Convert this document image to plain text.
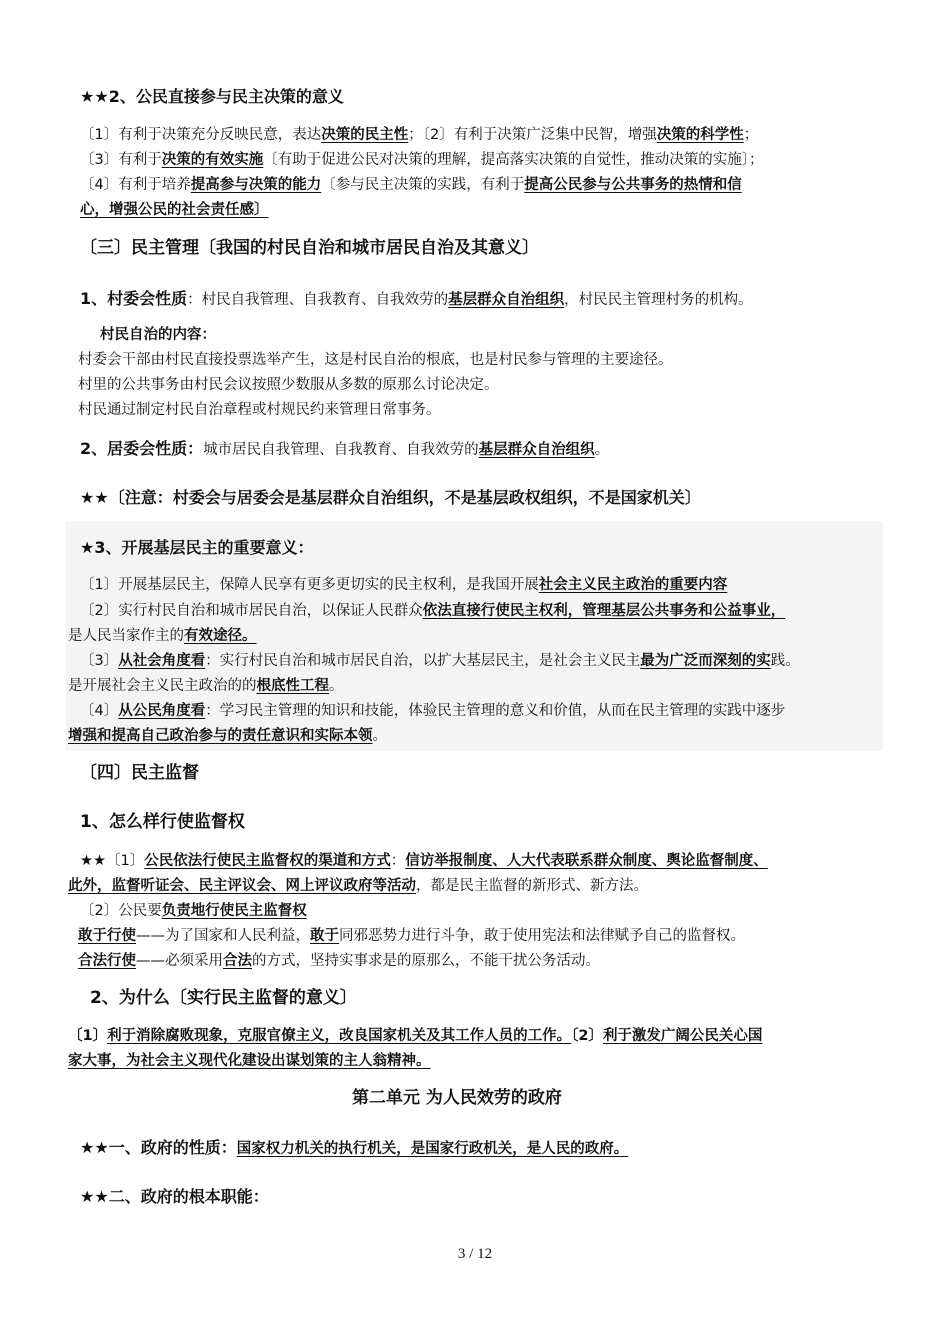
★★2、公民直接参与民主决策的意义
〔1〕有利于决策充分反映民意，表达决策的民主性；〔2〕有利于决策广泛集中民智，增强决策的科学性；
〔3〕有利于决策的有效实施〔有助于促进公民对决策的理解，提高落实决策的自觉性，推动决策的实施〕；
〔4〕有利于培养提高参与决策的能力〔参与民主决策的实践，有利于提高公民参与公共事务的热情和信
心，增强公民的社会责任感〕
〔三〕民主管理〔我国的村民自治和城市居民自治及其意义〕
1、村委会性质：村民自我管理、自我教育、自我效劳的基层群众自治组织，村民民主管理村务的机构。
村民自治的内容：
村委会干部由村民直接投票选举产生，这是村民自治的根底，也是村民参与管理的主要途径。
村里的公共事务由村民会议按照少数服从多数的原那么讨论决定。
村民通过制定村民自治章程或村规民约来管理日常事务。
2、居委会性质：城市居民自我管理、自我教育、自我效劳的基层群众自治组织。
★★〔注意：村委会与居委会是基层群众自治组织，不是基层政权组织，不是国家机关〕
★3、开展基层民主的重要意义：
〔1〕开展基层民主，保障人民享有更多更切实的民主权利，是我国开展社会主义民主政治的重要内容
〔2〕实行村民自治和城市居民自治，以保证人民群众依法直接行使民主权利，管理基层公共事务和公益事业，
是人民当家作主的有效途径。
〔3〕从社会角度看：实行村民自治和城市居民自治，以扩大基层民主，是社会主义民主最为广泛而深刻的实践。
是开展社会主义民主政治的的根底性工程。
〔4〕从公民角度看：学习民主管理的知识和技能，体验民主管理的意义和价值，从而在民主管理的实践中逐步
增强和提高自己政治参与的责任意识和实际本领。
〔四〕民主监督
1、怎么样行使监督权
★★〔1〕公民依法行使民主监督权的渠道和方式：信访举报制度、人大代表联系群众制度、舆论监督制度、
此外，监督听证会、民主评议会、网上评议政府等活动，都是民主监督的新形式、新方法。
〔2〕公民要负责地行使民主监督权
敢于行使——为了国家和人民利益，敢于同邪恶势力进行斗争，敢于使用宪法和法律赋予自己的监督权。
合法行使——必须采用合法的方式，坚持实事求是的原那么，不能干扰公务活动。
2、为什么〔实行民主监督的意义〕
〔1〕利于消除腐败现象，克服官僚主义，改良国家机关及其工作人员的工作。〔2〕利于激发广阔公民关心国
家大事，为社会主义现代化建设出谋划策的主人翁精神。
第二单元 为人民效劳的政府
★★一、政府的性质：国家权力机关的执行机关，是国家行政机关，是人民的政府。
★★二、政府的根本职能：
3 / 12
